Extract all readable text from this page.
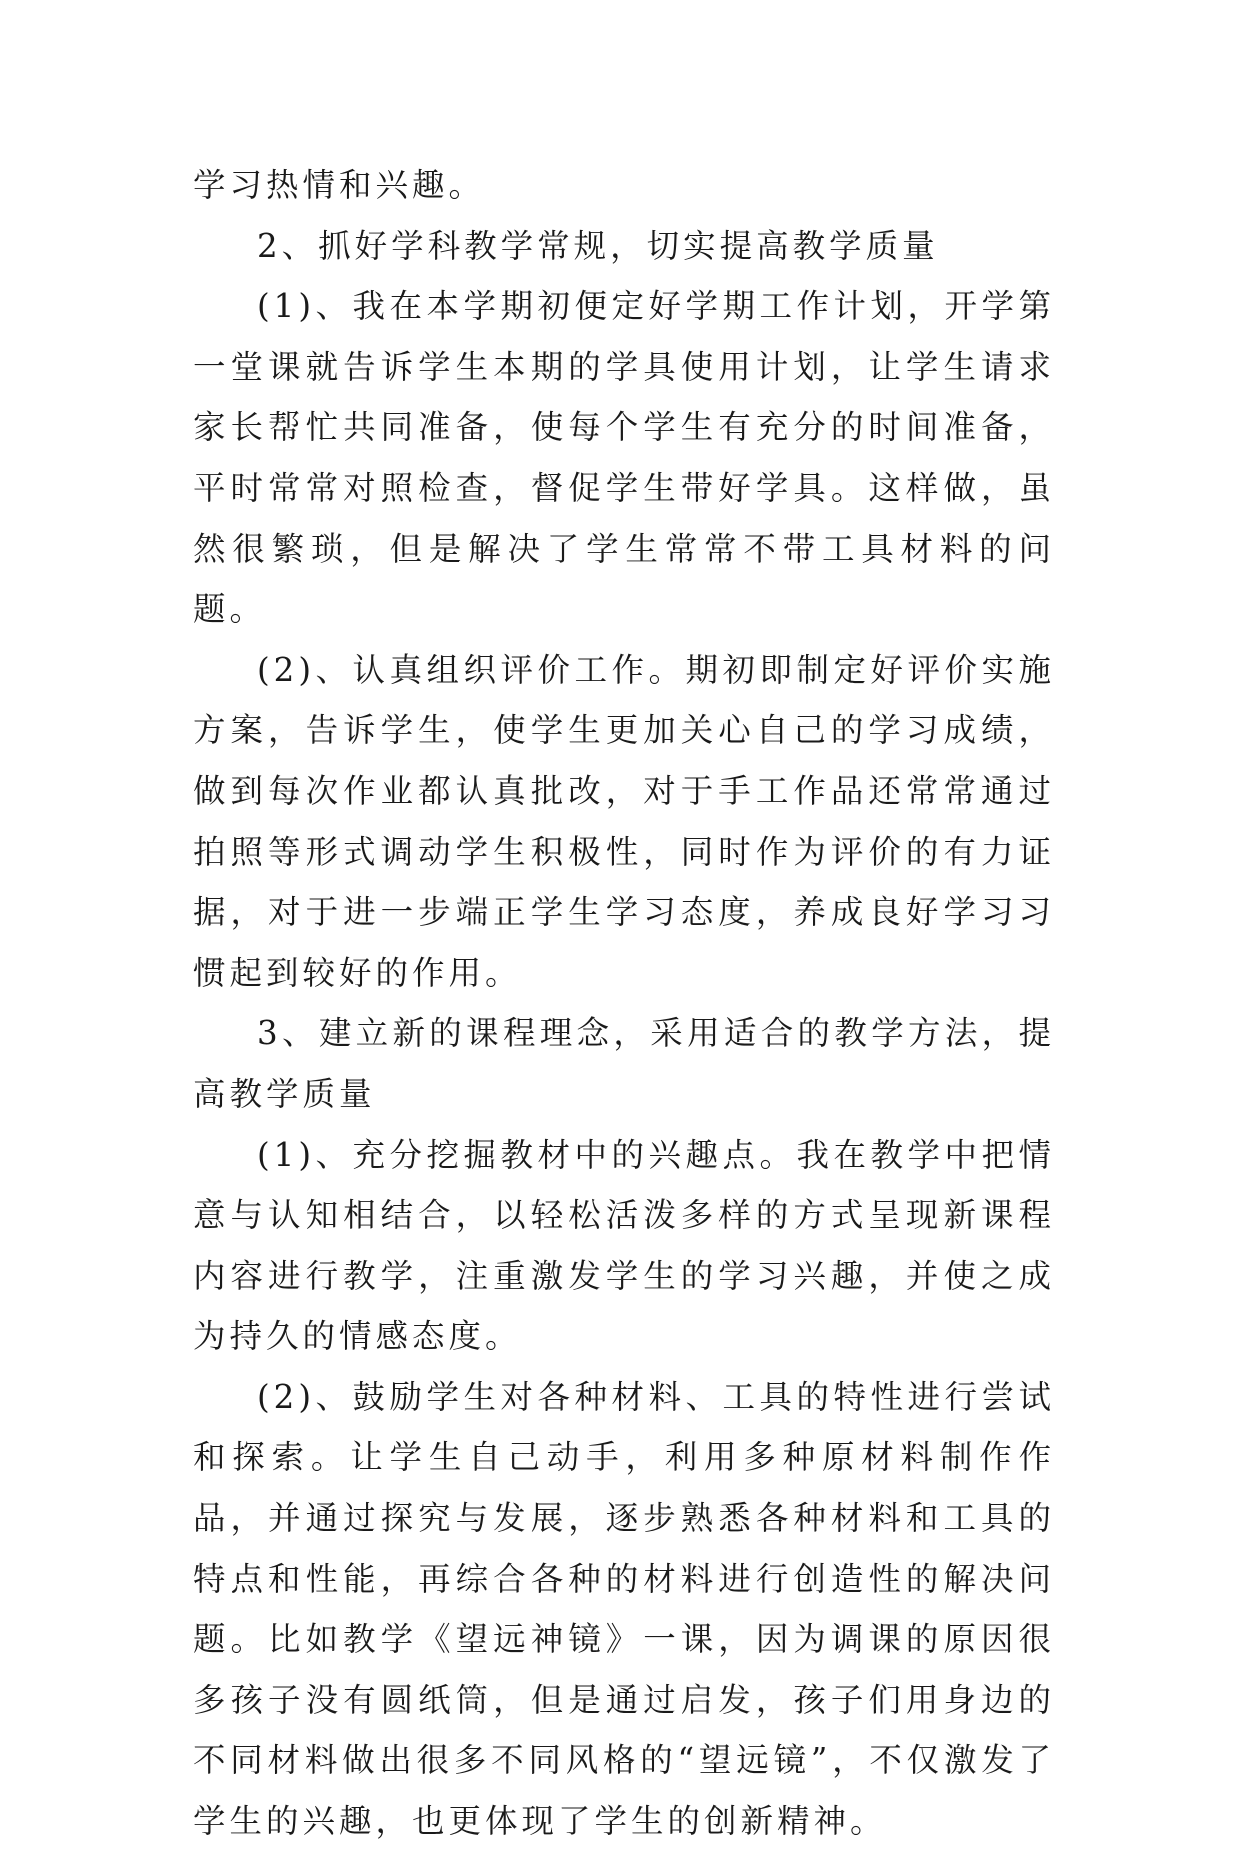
学习热情和兴趣。

2、抓好学科教学常规，切实提高教学质量

(1)、我在本学期初便定好学期工作计划，开学第一堂课就告诉学生本期的学具使用计划，让学生请求家长帮忙共同准备，使每个学生有充分的时间准备，平时常常对照检查，督促学生带好学具。这样做，虽然很繁琐，但是解决了学生常常不带工具材料的问题。

(2)、认真组织评价工作。期初即制定好评价实施方案，告诉学生，使学生更加关心自己的学习成绩，做到每次作业都认真批改，对于手工作品还常常通过拍照等形式调动学生积极性，同时作为评价的有力证据，对于进一步端正学生学习态度，养成良好学习习惯起到较好的作用。

3、建立新的课程理念，采用适合的教学方法，提高教学质量

(1)、充分挖掘教材中的兴趣点。我在教学中把情意与认知相结合，以轻松活泼多样的方式呈现新课程内容进行教学，注重激发学生的学习兴趣，并使之成为持久的情感态度。

(2)、鼓励学生对各种材料、工具的特性进行尝试和探索。让学生自己动手，利用多种原材料制作作品，并通过探究与发展，逐步熟悉各种材料和工具的特点和性能，再综合各种的材料进行创造性的解决问题。比如教学《望远神镜》一课，因为调课的原因很多孩子没有圆纸筒，但是通过启发，孩子们用身边的不同材料做出很多不同风格的“望远镜”，不仅激发了学生的兴趣，也更体现了学生的创新精神。
